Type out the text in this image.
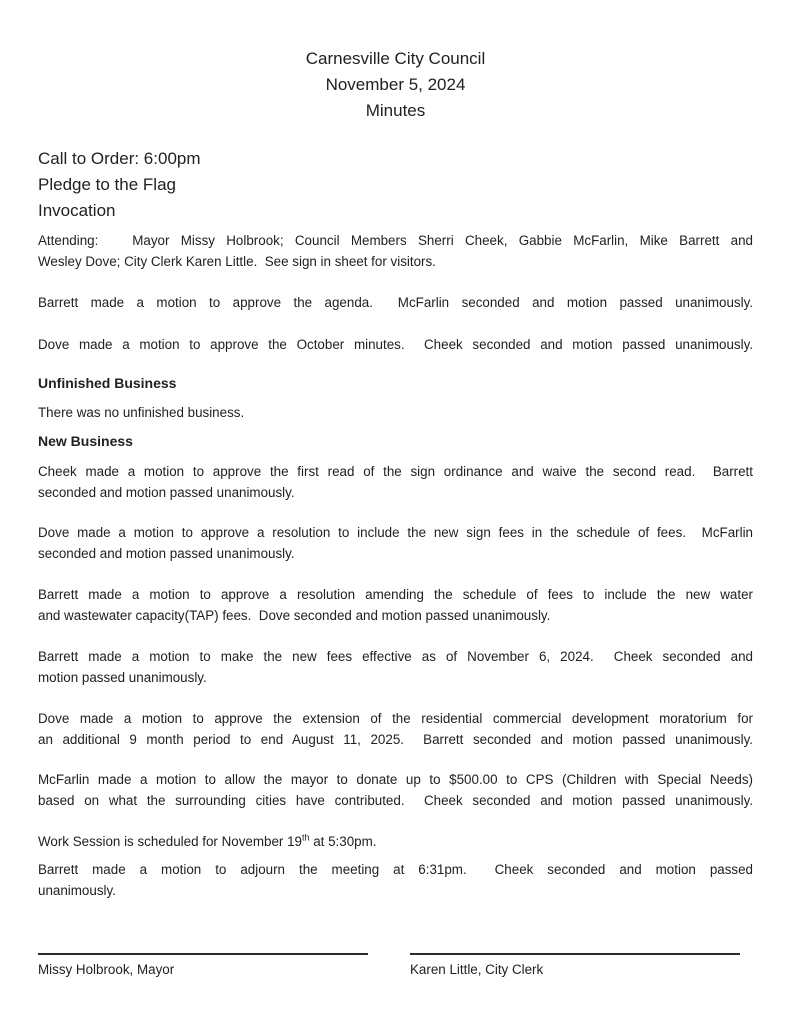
Carnesville City Council
November 5, 2024
Minutes
Call to Order: 6:00pm
Pledge to the Flag
Invocation
Attending:   Mayor Missy Holbrook; Council Members Sherri Cheek, Gabbie McFarlin, Mike Barrett and
Wesley Dove; City Clerk Karen Little.  See sign in sheet for visitors.
Barrett made a motion to approve the agenda.  McFarlin seconded and motion passed unanimously.
Dove made a motion to approve the October minutes.  Cheek seconded and motion passed unanimously.
Unfinished Business
There was no unfinished business.
New Business
Cheek made a motion to approve the first read of the sign ordinance and waive the second read.  Barrett
seconded and motion passed unanimously.
Dove made a motion to approve a resolution to include the new sign fees in the schedule of fees.  McFarlin
seconded and motion passed unanimously.
Barrett made a motion to approve a resolution amending the schedule of fees to include the new water
and wastewater capacity(TAP) fees.  Dove seconded and motion passed unanimously.
Barrett made a motion to make the new fees effective as of November 6, 2024.  Cheek seconded and
motion passed unanimously.
Dove made a motion to approve the extension of the residential commercial development moratorium for
an additional 9 month period to end August 11, 2025.  Barrett seconded and motion passed unanimously.
McFarlin made a motion to allow the mayor to donate up to $500.00 to CPS (Children with Special Needs)
based on what the surrounding cities have contributed.  Cheek seconded and motion passed unanimously.
Work Session is scheduled for November 19th at 5:30pm.
Barrett made a motion to adjourn the meeting at 6:31pm.  Cheek seconded and motion passed
unanimously.
Missy Holbrook, Mayor	Karen Little, City Clerk
